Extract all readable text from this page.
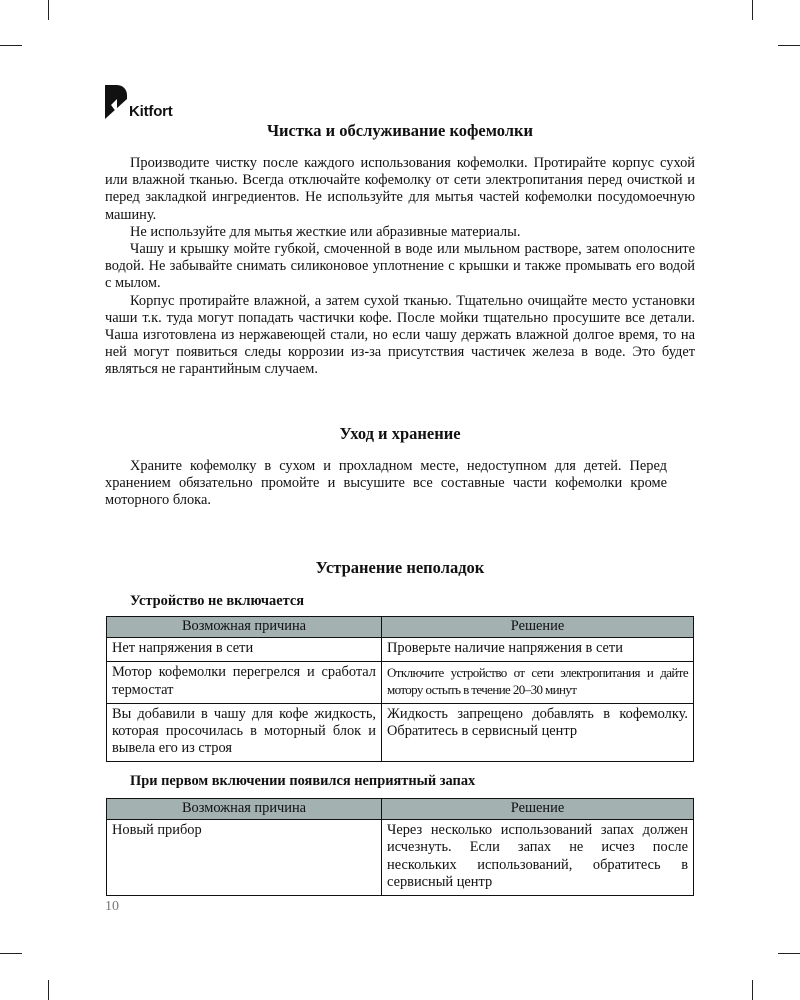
Kitfort
Чистка и обслуживание кофемолки

Производите чистку после каждого использования кофемолки. Протирайте корпус сухой или влажной тканью. Всегда отключайте кофемолку от сети электропитания перед очисткой и перед закладкой ингредиентов. Не используйте для мытья частей кофемолки посудомоечную машину.

Не используйте для мытья жесткие или абразивные материалы.

Чашу и крышку мойте губкой, смоченной в воде или мыльном растворе, затем ополосните водой. Не забывайте снимать силиконовое уплотнение с крышки и также промывать его водой с мылом.

Корпус протирайте влажной, а затем сухой тканью. Тщательно очищайте место установки чаши т.к. туда могут попадать частички кофе. После мойки тщательно просушите все детали. Чаша изготовлена из нержавеющей стали, но если чашу держать влажной долгое время, то на ней могут появиться следы коррозии из-за присутствия частичек железа в воде. Это будет являться не гарантийным случаем.

Уход и хранение

Храните кофемолку в сухом и прохладном месте, недоступном для детей. Перед хранением обязательно промойте и высушите все составные части кофемолки кроме моторного блока.

Устранение неполадок
Устройство не включается
Возможная причина	Решение
Нет напряжения в сети	Проверьте наличие напряжения в сети
Мотор кофемолки перегрелся и сработал термостат	Отключите устройство от сети электропитания и дайте мотору остыть в течение 20–30 минут
Вы добавили в чашу для кофе жидкость, которая просочилась в моторный блок и вывела его из строя	Жидкость запрещено добавлять в кофемолку. Обратитесь в сервисный центр
При первом включении появился неприятный запах
Возможная причина	Решение
Новый прибор	Через несколько использований запах должен исчезнуть. Если запах не исчез после нескольких использований, обратитесь в сервисный центр
10
